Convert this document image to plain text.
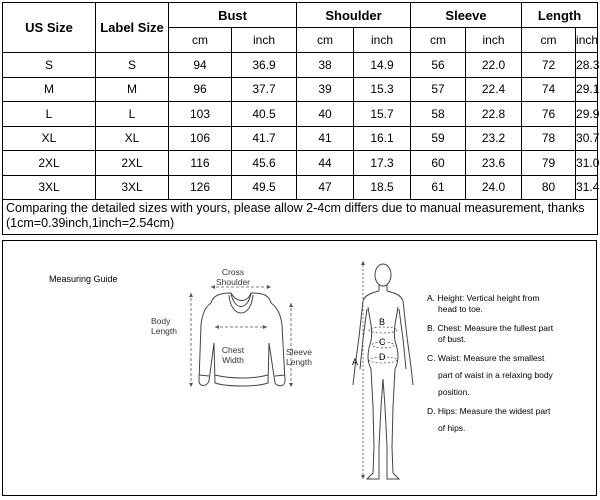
US Size	Label Size	Bust		Shoulder		Sleeve		Length	
		cm	inch	cm	inch	cm	inch	cm	inch
S	S	94	36.9	38	14.9	56	22.0	72	28.3
M	M	96	37.7	39	15.3	57	22.4	74	29.1
L	L	103	40.5	40	15.7	58	22.8	76	29.9
XL	XL	106	41.7	41	16.1	59	23.2	78	30.7
2XL	2XL	116	45.6	44	17.3	60	23.6	79	31.0
3XL	3XL	126	49.5	47	18.5	61	24.0	80	31.4
Comparing the detailed sizes with yours, please allow 2-4cm differs due to manual measurement, thanks (1cm=0.39inch,1inch=2.54cm)									
Measuring Guide
Cross
Shoulder
Body
Length
Chest
Width
Sleeve
Length
B
C
D
A
A. Height: Vertical height from
head to toe.
B. Chest: Measure the fullest part
of bust.
C. Waist: Measure the smallest
part of waist in a relaxing body
position.
D. Hips: Measure the widest part
of hips.
